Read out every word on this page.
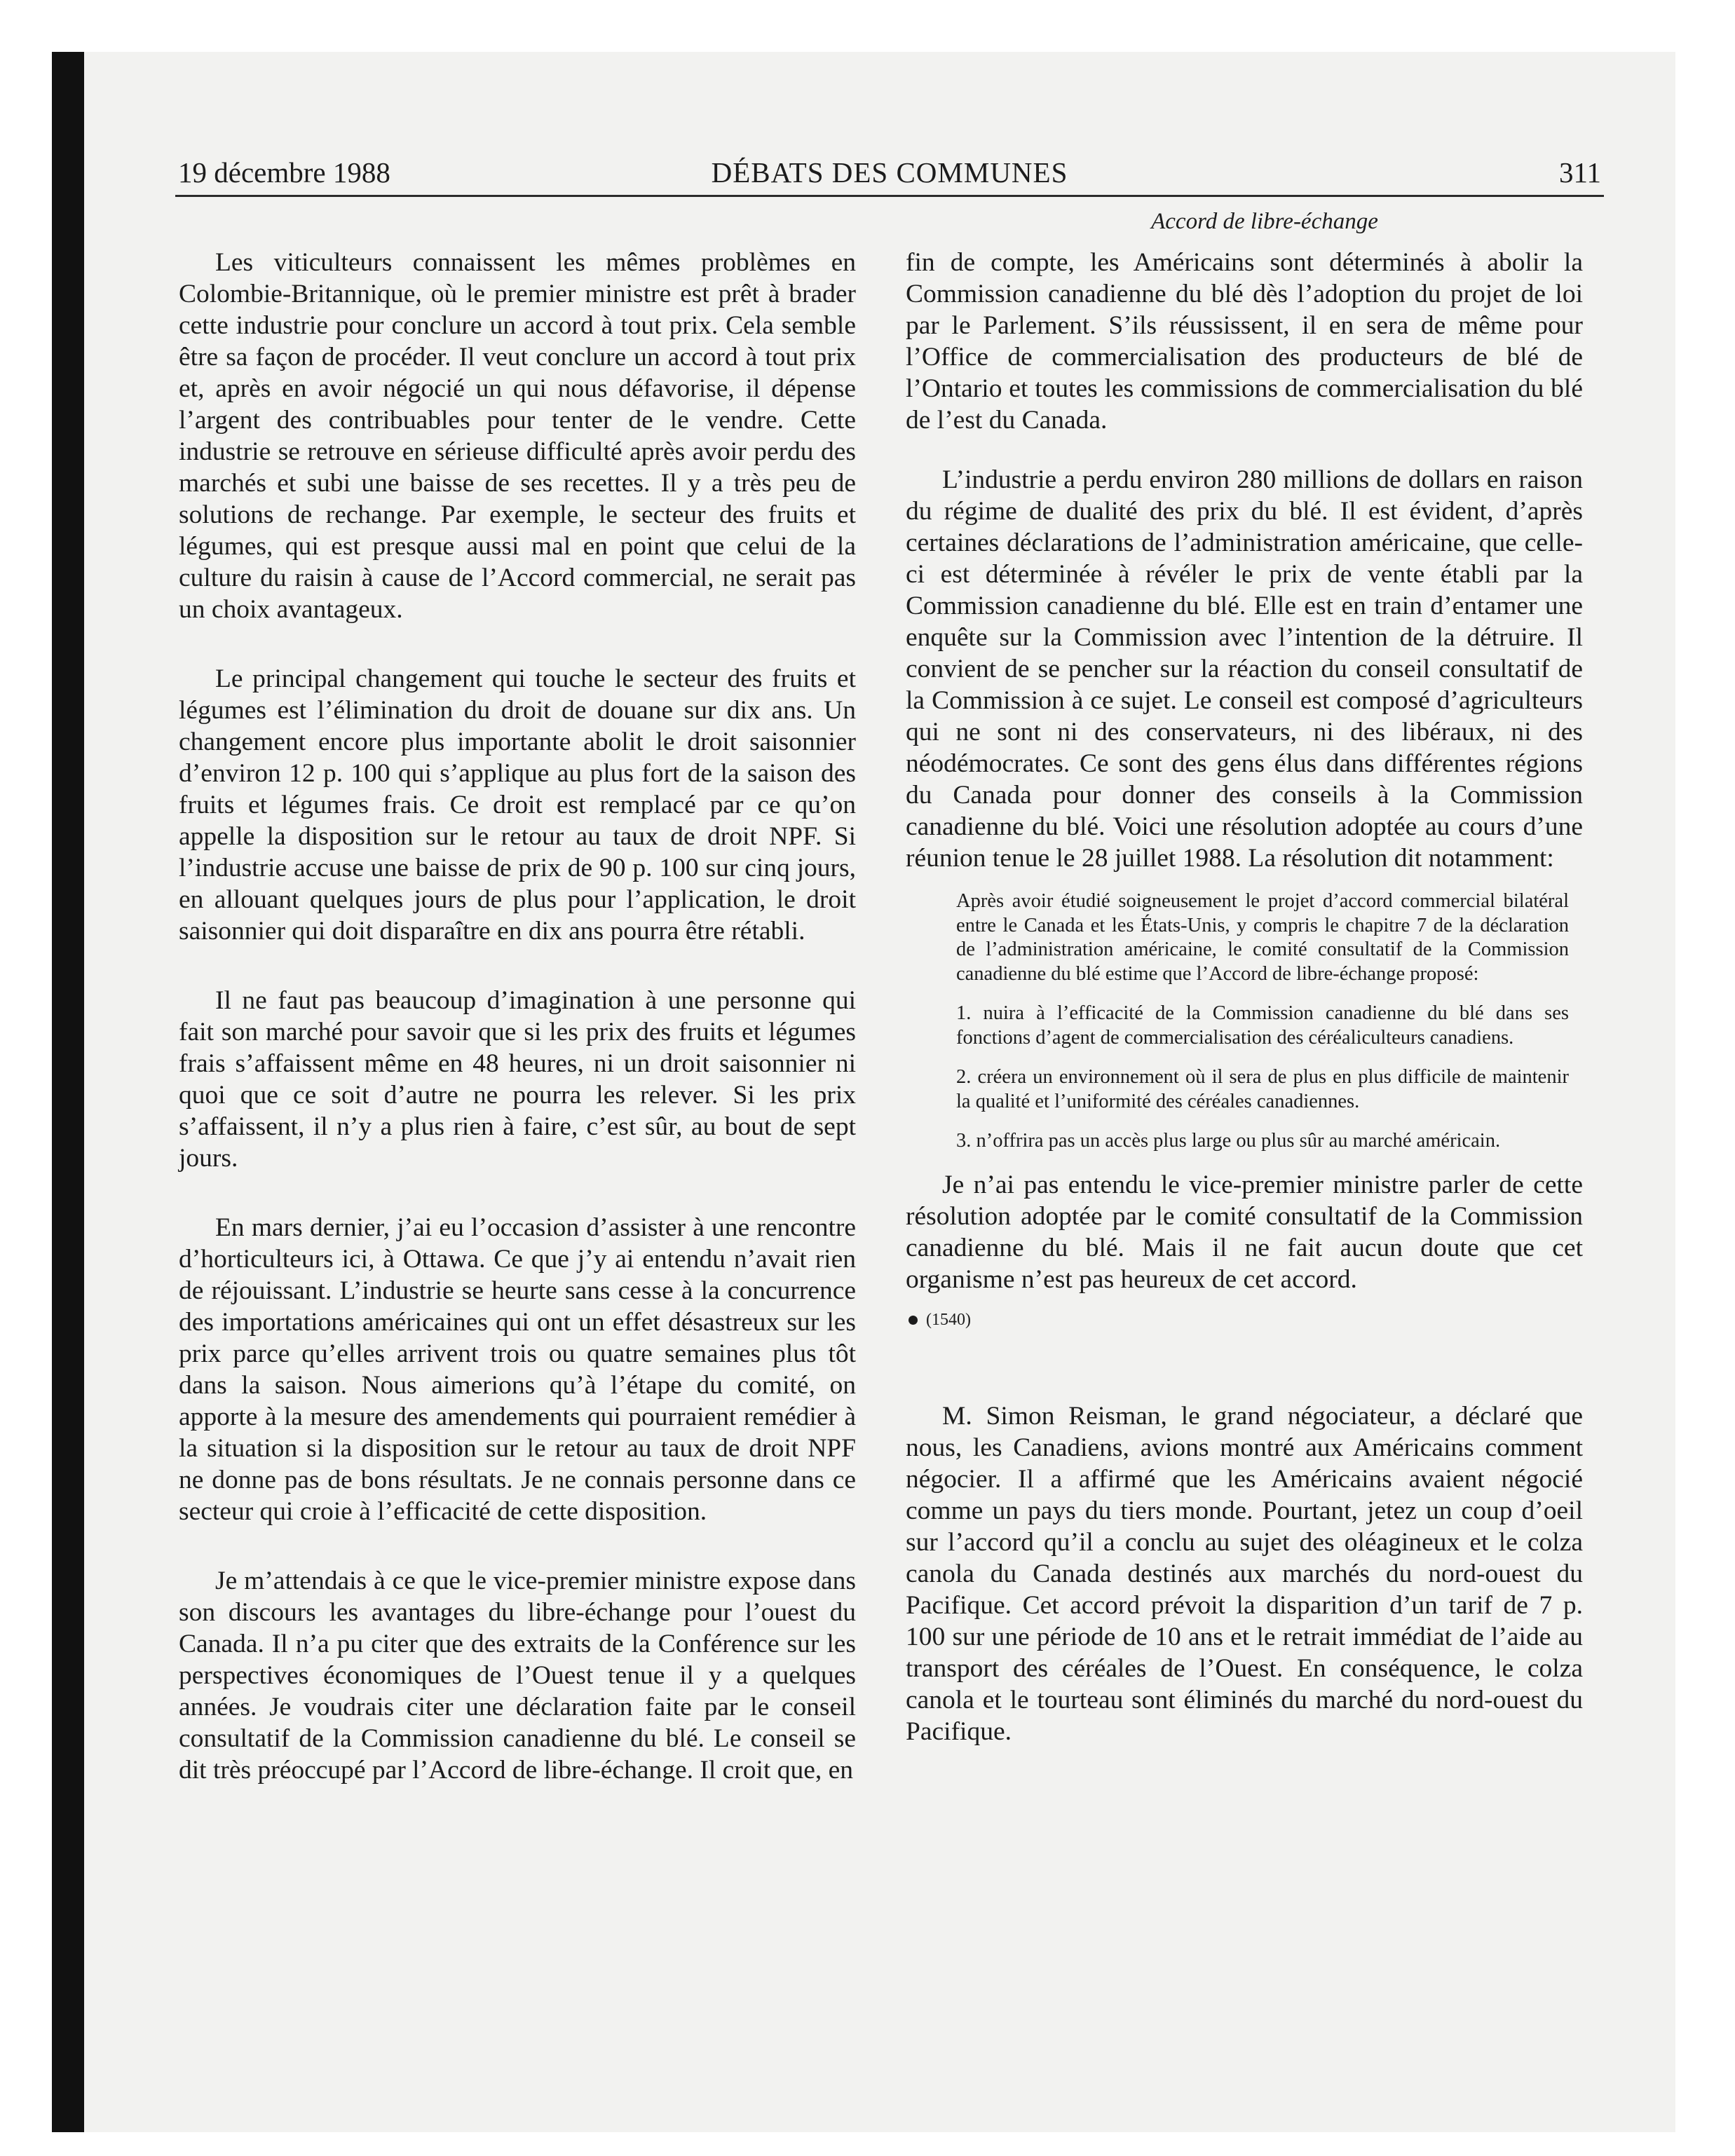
19 décembre 1988	DÉBATS DES COMMUNES	311
Accord de libre-échange

Les viticulteurs connaissent les mêmes problèmes en Colombie-Britannique, où le premier ministre est prêt à brader cette industrie pour conclure un accord à tout prix. Cela semble être sa façon de procéder. Il veut conclure un accord à tout prix et, après en avoir négocié un qui nous défavorise, il dépense l’argent des contribuables pour tenter de le vendre. Cette industrie se retrouve en sérieuse difficulté après avoir perdu des marchés et subi une baisse de ses recettes. Il y a très peu de solutions de rechange. Par exemple, le secteur des fruits et légumes, qui est presque aussi mal en point que celui de la culture du raisin à cause de l’Accord commercial, ne serait pas un choix avantageux.

Le principal changement qui touche le secteur des fruits et légumes est l’élimination du droit de douane sur dix ans. Un changement encore plus importante abolit le droit saisonnier d’environ 12 p. 100 qui s’applique au plus fort de la saison des fruits et légumes frais. Ce droit est remplacé par ce qu’on appelle la disposition sur le retour au taux de droit NPF. Si l’industrie accuse une baisse de prix de 90 p. 100 sur cinq jours, en allouant quelques jours de plus pour l’application, le droit saisonnier qui doit disparaître en dix ans pourra être rétabli.

Il ne faut pas beaucoup d’imagination à une personne qui fait son marché pour savoir que si les prix des fruits et légumes frais s’affaissent même en 48 heures, ni un droit saisonnier ni quoi que ce soit d’autre ne pourra les relever. Si les prix s’affaissent, il n’y a plus rien à faire, c’est sûr, au bout de sept jours.

En mars dernier, j’ai eu l’occasion d’assister à une rencontre d’horticulteurs ici, à Ottawa. Ce que j’y ai entendu n’avait rien de réjouissant. L’industrie se heurte sans cesse à la concurrence des importations américaines qui ont un effet désastreux sur les prix parce qu’elles arrivent trois ou quatre semaines plus tôt dans la saison. Nous aimerions qu’à l’étape du comité, on apporte à la mesure des amendements qui pourraient remédier à la situation si la disposition sur le retour au taux de droit NPF ne donne pas de bons résultats. Je ne connais personne dans ce secteur qui croie à l’efficacité de cette disposition.

Je m’attendais à ce que le vice-premier ministre expose dans son discours les avantages du libre-échange pour l’ouest du Canada. Il n’a pu citer que des extraits de la Conférence sur les perspectives économiques de l’Ouest tenue il y a quelques années. Je voudrais citer une déclaration faite par le conseil consultatif de la Commission canadienne du blé. Le conseil se dit très préoccupé par l’Accord de libre-échange. Il croit que, en

fin de compte, les Américains sont déterminés à abolir la Commission canadienne du blé dès l’adoption du projet de loi par le Parlement. S’ils réussissent, il en sera de même pour l’Office de commercialisation des producteurs de blé de l’Ontario et toutes les commissions de commercialisation du blé de l’est du Canada.

L’industrie a perdu environ 280 millions de dollars en raison du régime de dualité des prix du blé. Il est évident, d’après certaines déclarations de l’administration américaine, que celle-ci est déterminée à révéler le prix de vente établi par la Commission canadienne du blé. Elle est en train d’entamer une enquête sur la Commission avec l’intention de la détruire. Il convient de se pencher sur la réaction du conseil consultatif de la Commission à ce sujet. Le conseil est composé d’agriculteurs qui ne sont ni des conservateurs, ni des libéraux, ni des néodémocrates. Ce sont des gens élus dans différentes régions du Canada pour donner des conseils à la Commission canadienne du blé. Voici une résolution adoptée au cours d’une réunion tenue le 28 juillet 1988. La résolution dit notamment:

Après avoir étudié soigneusement le projet d’accord commercial bilatéral entre le Canada et les États-Unis, y compris le chapitre 7 de la déclaration de l’administration américaine, le comité consultatif de la Commission canadienne du blé estime que l’Accord de libre-échange proposé:

1. nuira à l’efficacité de la Commission canadienne du blé dans ses fonctions d’agent de commercialisation des céréaliculteurs canadiens.

2. créera un environnement où il sera de plus en plus difficile de maintenir la qualité et l’uniformité des céréales canadiennes.

3. n’offrira pas un accès plus large ou plus sûr au marché américain.

Je n’ai pas entendu le vice-premier ministre parler de cette résolution adoptée par le comité consultatif de la Commission canadienne du blé. Mais il ne fait aucun doute que cet organisme n’est pas heureux de cet accord.

(1540)

M. Simon Reisman, le grand négociateur, a déclaré que nous, les Canadiens, avions montré aux Américains comment négocier. Il a affirmé que les Américains avaient négocié comme un pays du tiers monde. Pourtant, jetez un coup d’oeil sur l’accord qu’il a conclu au sujet des oléagineux et le colza canola du Canada destinés aux marchés du nord-ouest du Pacifique. Cet accord prévoit la disparition d’un tarif de 7 p. 100 sur une période de 10 ans et le retrait immédiat de l’aide au transport des céréales de l’Ouest. En conséquence, le colza canola et le tourteau sont éliminés du marché du nord-ouest du Pacifique.
